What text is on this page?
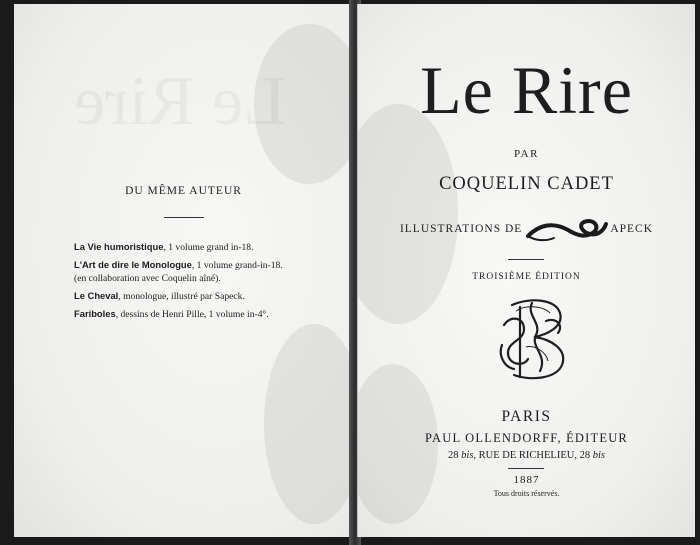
DU MÊME AUTEUR
La Vie humoristique, 1 volume grand in-18.
L'Art de dire le Monologue, 1 volume grand-in-18.
(en collaboration avec Coquelin aîné).
Le Cheval, monologue, illustré par Sapeck.
Fariboles, dessins de Henri Pille, 1 volume in-4°.
Le Rire
PAR
COQUELIN CADET
ILLUSTRATIONS DE	APECK
TROISIÈME ÉDITION
PARIS
PAUL OLLENDORFF, ÉDITEUR
28 bis, RUE DE RICHELIEU, 28 bis
1887
Tous droits réservés.
